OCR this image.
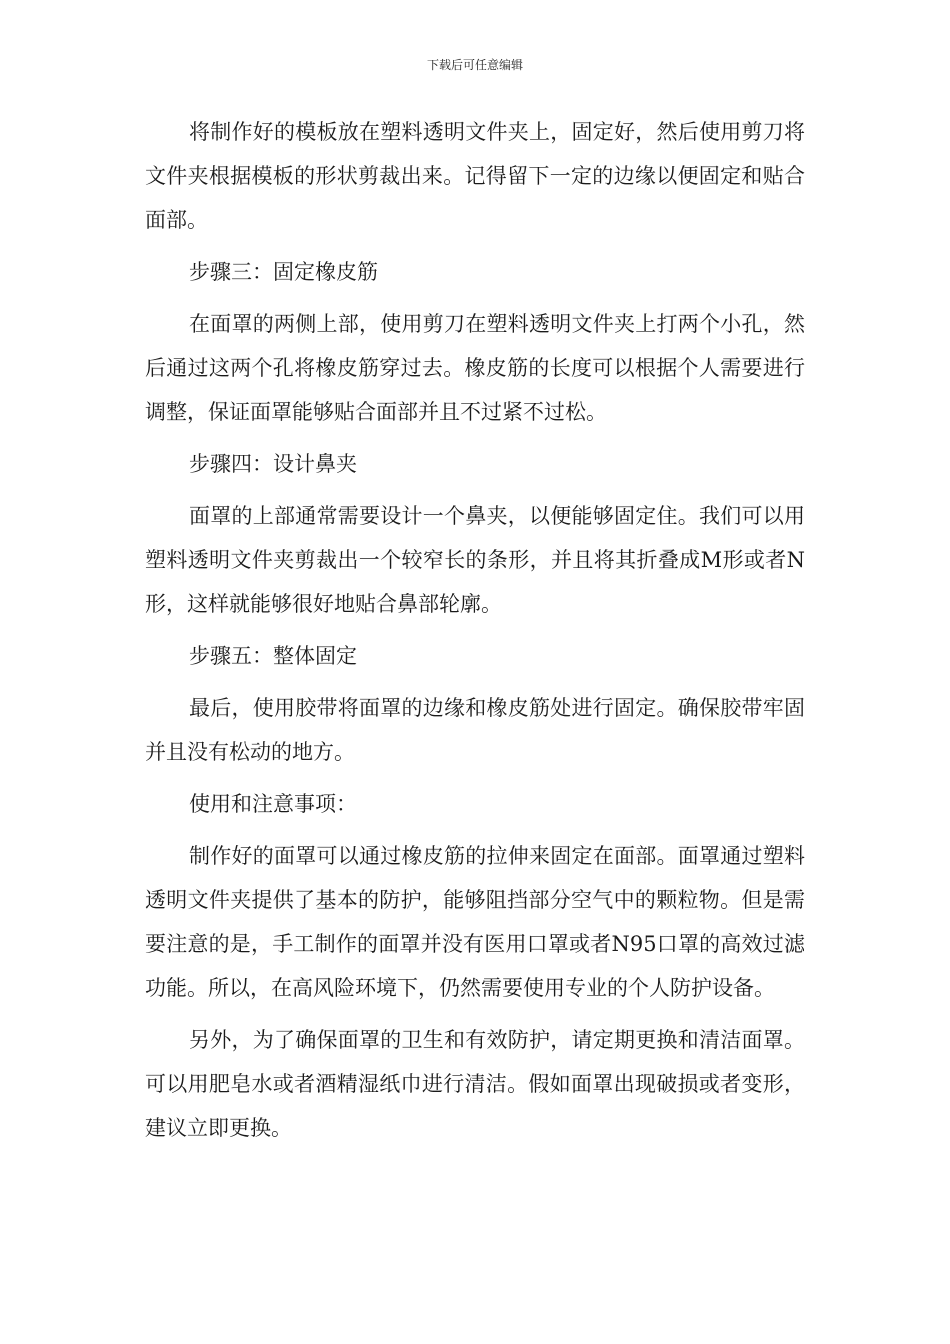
下载后可任意编辑

将制作好的模板放在塑料透明文件夹上，固定好，然后使用剪刀将文件夹根据模板的形状剪裁出来。记得留下一定的边缘以便固定和贴合面部。

步骤三：固定橡皮筋

在面罩的两侧上部，使用剪刀在塑料透明文件夹上打两个小孔，然后通过这两个孔将橡皮筋穿过去。橡皮筋的长度可以根据个人需要进行调整，保证面罩能够贴合面部并且不过紧不过松。

步骤四：设计鼻夹

面罩的上部通常需要设计一个鼻夹，以便能够固定住。我们可以用塑料透明文件夹剪裁出一个较窄长的条形，并且将其折叠成M形或者N形，这样就能够很好地贴合鼻部轮廓。

步骤五：整体固定

最后，使用胶带将面罩的边缘和橡皮筋处进行固定。确保胶带牢固并且没有松动的地方。

使用和注意事项：

制作好的面罩可以通过橡皮筋的拉伸来固定在面部。面罩通过塑料透明文件夹提供了基本的防护，能够阻挡部分空气中的颗粒物。但是需要注意的是，手工制作的面罩并没有医用口罩或者N95口罩的高效过滤功能。所以，在高风险环境下，仍然需要使用专业的个人防护设备。

另外，为了确保面罩的卫生和有效防护，请定期更换和清洁面罩。可以用肥皂水或者酒精湿纸巾进行清洁。假如面罩出现破损或者变形，建议立即更换。
